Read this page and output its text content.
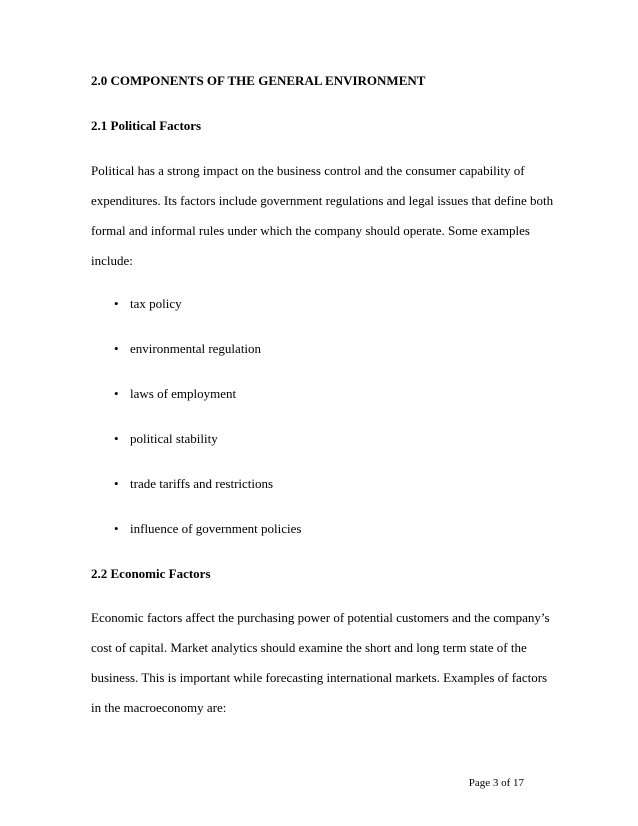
2.0 COMPONENTS OF THE GENERAL ENVIRONMENT
2.1 Political Factors
Political has a strong impact on the business control and the consumer capability of
expenditures. Its factors include government regulations and legal issues that define both
formal and informal rules under which the company should operate. Some examples
include:
• tax policy
• environmental regulation
• laws of employment
• political stability
• trade tariffs and restrictions
• influence of government policies
2.2 Economic Factors
Economic factors affect the purchasing power of potential customers and the company’s
cost of capital. Market analytics should examine the short and long term state of the
business. This is important while forecasting international markets. Examples of factors
in the macroeconomy are:
Page 3 of 17
